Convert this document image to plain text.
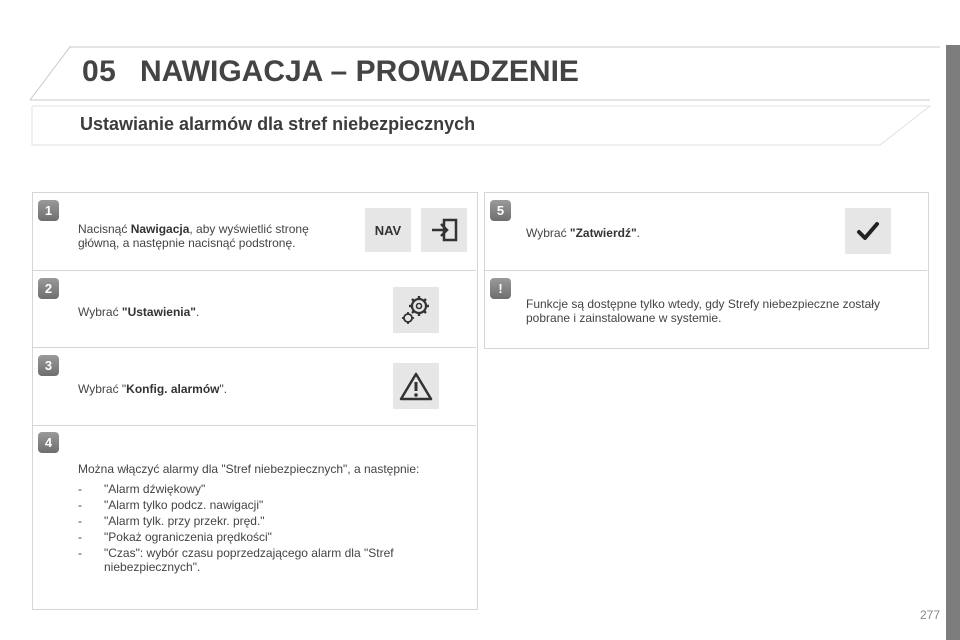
05 NAWIGACJA – PROWADZENIE
Ustawianie alarmów dla stref niebezpiecznych
1
Nacisnąć Nawigacja, aby wyświetlić stronę główną, a następnie nacisnąć podstronę.
NAV
2
Wybrać "Ustawienia".
3
Wybrać "Konfig. alarmów".
4
Można włączyć alarmy dla "Stref niebezpiecznych", a następnie:
- "Alarm dźwiękowy"
- "Alarm tylko podcz. nawigacji"
- "Alarm tylk. przy przekr. pręd."
- "Pokaż ograniczenia prędkości"
- "Czas": wybór czasu poprzedzającego alarm dla "Stref niebezpiecznych".
5
Wybrać "Zatwierdź".
!
Funkcje są dostępne tylko wtedy, gdy Strefy niebezpieczne zostały pobrane i zainstalowane w systemie.
277
